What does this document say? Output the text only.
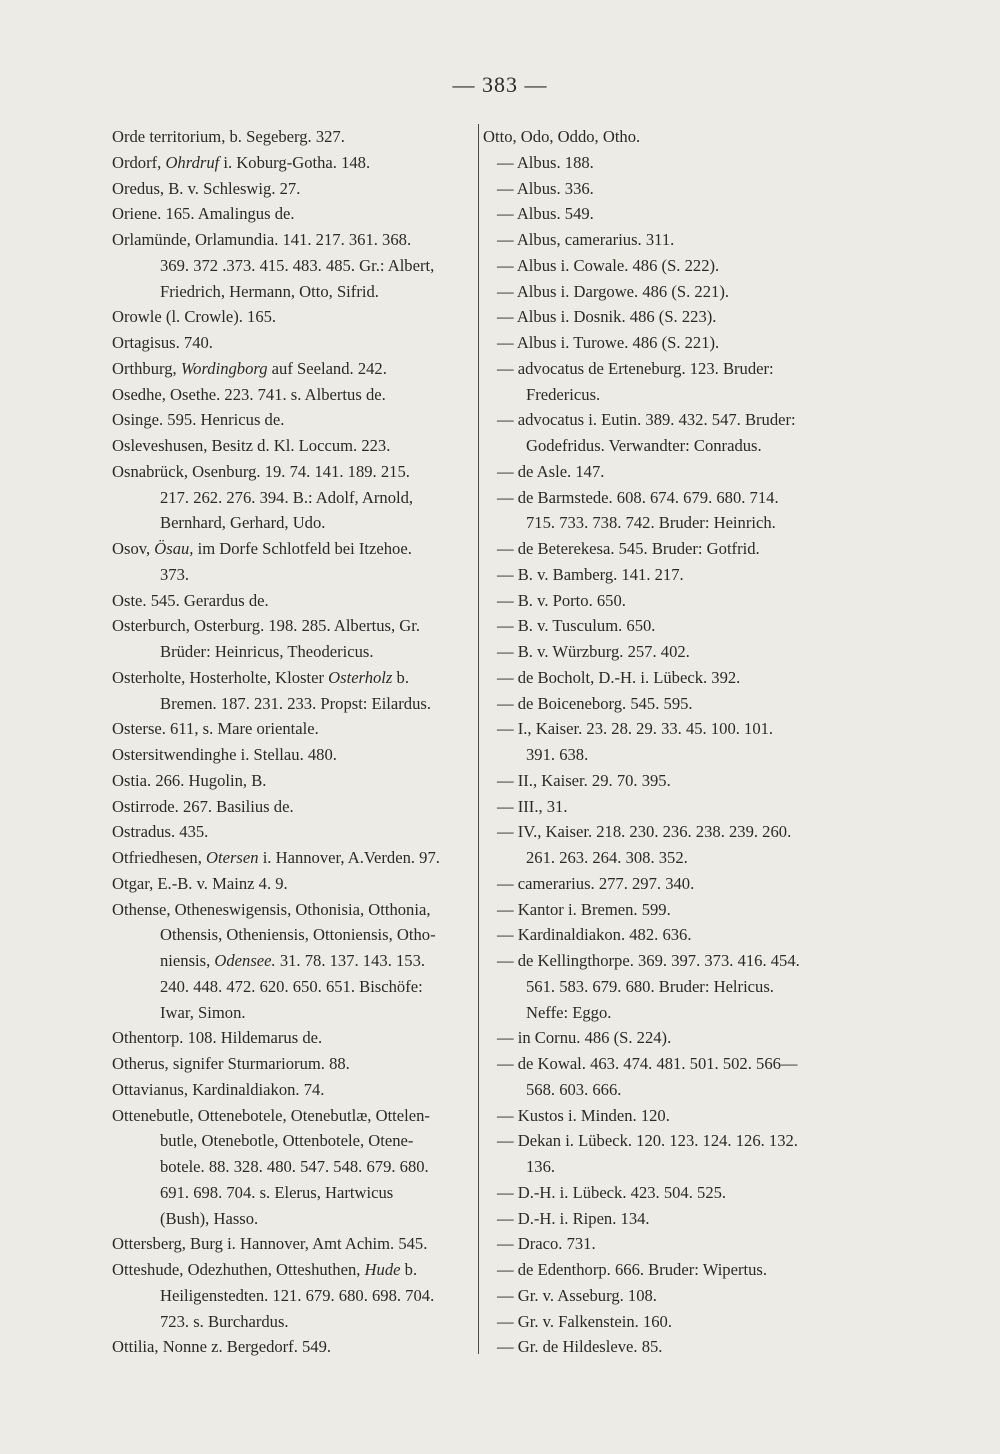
— 383 —
Orde territorium, b. Segeberg. 327.
Ordorf, Ohrdruf i. Koburg-Gotha. 148.
Oredus, B. v. Schleswig. 27.
Oriene. 165. Amalingus de.
Orlamünde, Orlamundia. 141. 217. 361. 368.
369. 372 .373. 415. 483. 485. Gr.: Albert,
Friedrich, Hermann, Otto, Sifrid.
Orowle (l. Crowle). 165.
Ortagisus. 740.
Orthburg, Wordingborg auf Seeland. 242.
Osedhe, Osethe. 223. 741. s. Albertus de.
Osinge. 595. Henricus de.
Osleveshusen, Besitz d. Kl. Loccum. 223.
Osnabrück, Osenburg. 19. 74. 141. 189. 215.
217. 262. 276. 394. B.: Adolf, Arnold,
Bernhard, Gerhard, Udo.
Osov, Ösau, im Dorfe Schlotfeld bei Itzehoe.
373.
Oste. 545. Gerardus de.
Osterburch, Osterburg. 198. 285. Albertus, Gr.
Brüder: Heinricus, Theodericus.
Osterholte, Hosterholte, Kloster Osterholz b.
Bremen. 187. 231. 233. Propst: Eilardus.
Osterse. 611, s. Mare orientale.
Ostersitwendinghe i. Stellau. 480.
Ostia. 266. Hugolin, B.
Ostirrode. 267. Basilius de.
Ostradus. 435.
Otfriedhesen, Otersen i. Hannover, A.Verden. 97.
Otgar, E.-B. v. Mainz 4. 9.
Othense, Otheneswigensis, Othonisia, Otthonia,
Othensis, Otheniensis, Ottoniensis, Otho-
niensis, Odensee. 31. 78. 137. 143. 153.
240. 448. 472. 620. 650. 651. Bischöfe:
Iwar, Simon.
Othentorp. 108. Hildemarus de.
Otherus, signifer Sturmariorum. 88.
Ottavianus, Kardinaldiakon. 74.
Ottenebutle, Ottenebotele, Otenebutlæ, Ottelen-
butle, Otenebotle, Ottenbotele, Otene-
botele. 88. 328. 480. 547. 548. 679. 680.
691. 698. 704. s. Elerus, Hartwicus
(Bush), Hasso.
Ottersberg, Burg i. Hannover, Amt Achim. 545.
Otteshude, Odezhuthen, Otteshuthen, Hude b.
Heiligenstedten. 121. 679. 680. 698. 704.
723. s. Burchardus.
Ottilia, Nonne z. Bergedorf. 549.
Otto, Odo, Oddo, Otho.
— Albus. 188.
— Albus. 336.
— Albus. 549.
— Albus, camerarius. 311.
— Albus i. Cowale. 486 (S. 222).
— Albus i. Dargowe. 486 (S. 221).
— Albus i. Dosnik. 486 (S. 223).
— Albus i. Turowe. 486 (S. 221).
— advocatus de Erteneburg. 123. Bruder:
Fredericus.
— advocatus i. Eutin. 389. 432. 547. Bruder:
Godefridus. Verwandter: Conradus.
— de Asle. 147.
— de Barmstede. 608. 674. 679. 680. 714.
715. 733. 738. 742. Bruder: Heinrich.
— de Beterekesa. 545. Bruder: Gotfrid.
— B. v. Bamberg. 141. 217.
— B. v. Porto. 650.
— B. v. Tusculum. 650.
— B. v. Würzburg. 257. 402.
— de Bocholt, D.-H. i. Lübeck. 392.
— de Boiceneborg. 545. 595.
— I., Kaiser. 23. 28. 29. 33. 45. 100. 101.
391. 638.
— II., Kaiser. 29. 70. 395.
— III., 31.
— IV., Kaiser. 218. 230. 236. 238. 239. 260.
261. 263. 264. 308. 352.
— camerarius. 277. 297. 340.
— Kantor i. Bremen. 599.
— Kardinaldiakon. 482. 636.
— de Kellingthorpe. 369. 397. 373. 416. 454.
561. 583. 679. 680. Bruder: Helricus.
Neffe: Eggo.
— in Cornu. 486 (S. 224).
— de Kowal. 463. 474. 481. 501. 502. 566—
568. 603. 666.
— Kustos i. Minden. 120.
— Dekan i. Lübeck. 120. 123. 124. 126. 132.
136.
— D.-H. i. Lübeck. 423. 504. 525.
— D.-H. i. Ripen. 134.
— Draco. 731.
— de Edenthorp. 666. Bruder: Wipertus.
— Gr. v. Asseburg. 108.
— Gr. v. Falkenstein. 160.
— Gr. de Hildesleve. 85.
